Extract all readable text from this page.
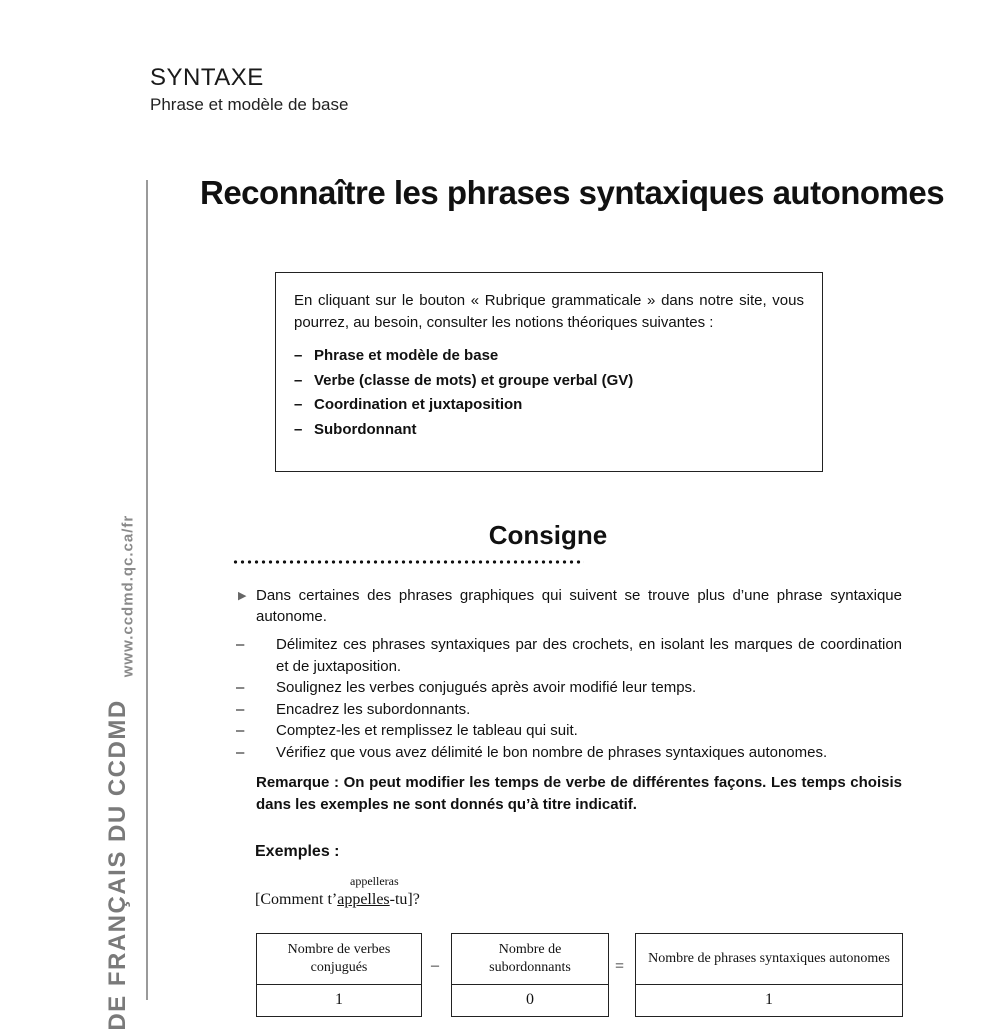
SYNTAXE
Phrase et modèle de base
www.ccdmd.qc.ca/fr
DE FRANÇAIS DU CCDMD
Reconnaître les phrases syntaxiques autonomes
En cliquant sur le bouton « Rubrique grammaticale » dans notre site, vous pourrez, au besoin, consulter les notions théoriques suivantes :
– Phrase et modèle de base
– Verbe (classe de mots) et groupe verbal (GV)
– Coordination et juxtaposition
– Subordonnant
Consigne
▶ Dans certaines des phrases graphiques qui suivent se trouve plus d’une phrase syntaxique autonome.
– Délimitez ces phrases syntaxiques par des crochets, en isolant les marques de coordination et de juxtaposition.
– Soulignez les verbes conjugués après avoir modifié leur temps.
– Encadrez les subordonnants.
– Comptez-les et remplissez le tableau qui suit.
– Vérifiez que vous avez délimité le bon nombre de phrases syntaxiques autonomes.
Remarque : On peut modifier les temps de verbe de différentes façons. Les temps choisis dans les exemples ne sont donnés qu’à titre indicatif.
Exemples :
appelleras
[Comment t’appelles-tu]?
Nombre de verbes conjugués
1
–
Nombre de subordonnants
0
=	Nombre de phrases syntaxiques autonomes
1
